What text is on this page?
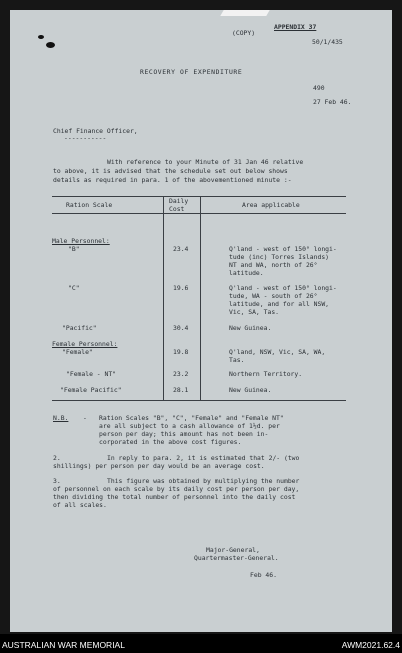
(COPY)
APPENDIX 37
50/1/435
RECOVERY OF EXPENDITURE
490
27 Feb 46.
Chief Finance Officer,
-----------
With reference to your Minute of 31 Jan 46 relative
to above, it is advised that the schedule set out below shows
details as required in para. 1 of the abovementioned minute :-
Ration Scale	Daily
Cost	Area applicable
Male Personnel:
"B"	23.4	Q'land - west of 150° longi-
tude (inc) Torres Islands)
NT and WA, north of 26°
latitude.
"C"	19.6	Q'land - west of 150° longi-
tude, WA - south of 26°
latitude, and for all NSW,
Vic, SA, Tas.
"Pacific"	30.4	New Guinea.
Female Personnel:
"Female"	19.8	Q'land, NSW, Vic, SA, WA,
Tas.
"Female - NT"	23.2	Northern Territory.
"Female Pacific"	28.1	New Guinea.
N.B. - Ration Scales "B", "C", "Female" and "Female NT"
are all subject to a cash allowance of 1½d. per
person per day; this amount has not been in-
corporated in the above cost figures.
2.	In reply to para. 2, it is estimated that 2/- (two
shillings) per person per day would be an average cost.
3.	This figure was obtained by multiplying the number
of personnel on each scale by its daily cost per person per day,
then dividing the total number of personnel into the daily cost
of all scales.
Major-General,
Quartermaster-General.
Feb 46.
AUSTRALIAN WAR MEMORIAL	AWM2021.62.4
